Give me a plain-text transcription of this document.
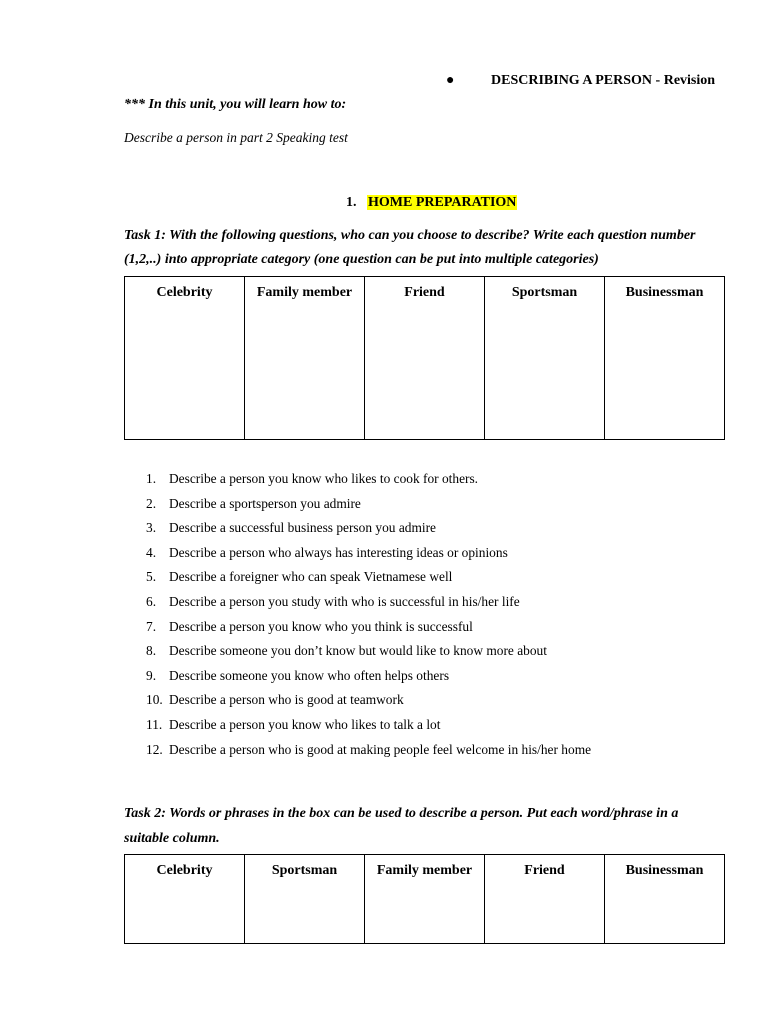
●	DESCRIBING A PERSON - Revision
*** In this unit, you will learn how to:
Describe a person in part 2 Speaking test
1. HOME PREPARATION
Task 1: With the following questions, who can you choose to describe? Write each question number
(1,2,..) into appropriate category (one question can be put into multiple categories)
Celebrity	Family member	Friend	Sportsman	Businessman
1. Describe a person you know who likes to cook for others.
2. Describe a sportsperson you admire
3. Describe a successful business person you admire
4. Describe a person who always has interesting ideas or opinions
5. Describe a foreigner who can speak Vietnamese well
6. Describe a person you study with who is successful in his/her life
7. Describe a person you know who you think is successful
8. Describe someone you don’t know but would like to know more about
9. Describe someone you know who often helps others
10. Describe a person who is good at teamwork
11. Describe a person you know who likes to talk a lot
12. Describe a person who is good at making people feel welcome in his/her home
Task 2: Words or phrases in the box can be used to describe a person. Put each word/phrase in a
suitable column.
Celebrity	Sportsman	Family member	Friend	Businessman
